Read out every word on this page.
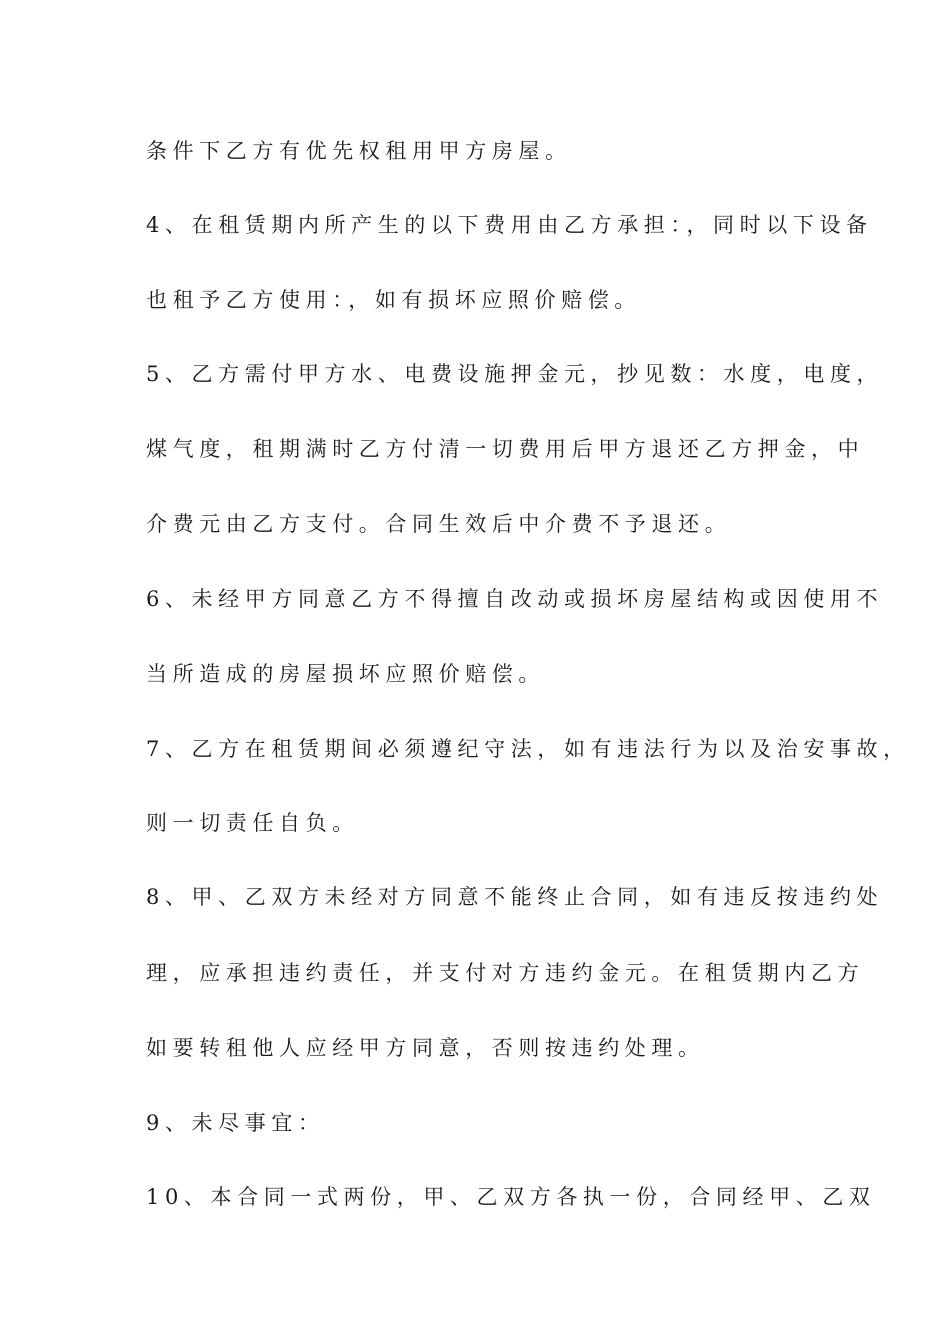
条件下乙方有优先权租用甲方房屋。
4、在租赁期内所产生的以下费用由乙方承担：，同时以下设备
也租予乙方使用：，如有损坏应照价赔偿。
5、乙方需付甲方水、电费设施押金元，抄见数：水度，电度，
煤气度，租期满时乙方付清一切费用后甲方退还乙方押金，中
介费元由乙方支付。合同生效后中介费不予退还。
6、未经甲方同意乙方不得擅自改动或损坏房屋结构或因使用不
当所造成的房屋损坏应照价赔偿。
7、乙方在租赁期间必须遵纪守法，如有违法行为以及治安事故，
则一切责任自负。
8、甲、乙双方未经对方同意不能终止合同，如有违反按违约处
理，应承担违约责任，并支付对方违约金元。在租赁期内乙方
如要转租他人应经甲方同意，否则按违约处理。
9、未尽事宜：
10、本合同一式两份，甲、乙双方各执一份，合同经甲、乙双
